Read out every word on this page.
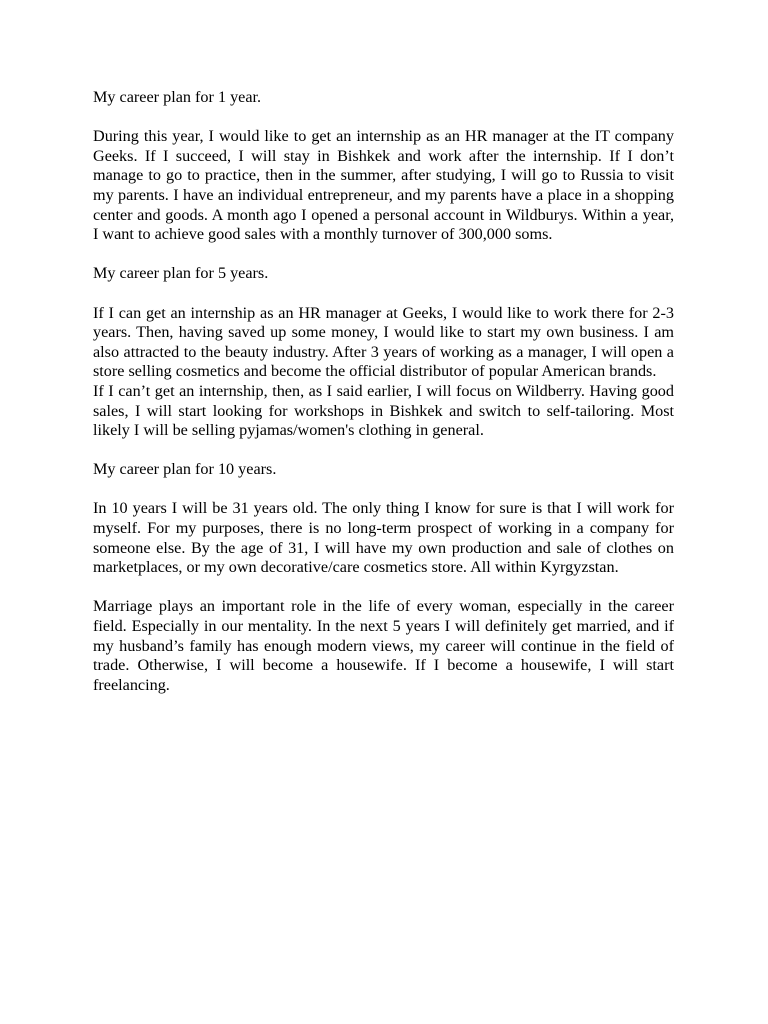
My career plan for 1 year.

During this year, I would like to get an internship as an HR manager at the IT company Geeks. If I succeed, I will stay in Bishkek and work after the internship. If I don’t manage to go to practice, then in the summer, after studying, I will go to Russia to visit my parents. I have an individual entrepreneur, and my parents have a place in a shopping center and goods. A month ago I opened a personal account in Wildburys. Within a year, I want to achieve good sales with a monthly turnover of 300,000 soms.

My career plan for 5 years.

If I can get an internship as an HR manager at Geeks, I would like to work there for 2-3 years. Then, having saved up some money, I would like to start my own business. I am also attracted to the beauty industry. After 3 years of working as a manager, I will open a store selling cosmetics and become the official distributor of popular American brands.

If I can’t get an internship, then, as I said earlier, I will focus on Wildberry. Having good sales, I will start looking for workshops in Bishkek and switch to self-tailoring. Most likely I will be selling pyjamas/women's clothing in general.

My career plan for 10 years.

In 10 years I will be 31 years old. The only thing I know for sure is that I will work for myself. For my purposes, there is no long-term prospect of working in a company for someone else. By the age of 31, I will have my own production and sale of clothes on marketplaces, or my own decorative/care cosmetics store. All within Kyrgyzstan.

Marriage plays an important role in the life of every woman, especially in the career field. Especially in our mentality. In the next 5 years I will definitely get married, and if my husband’s family has enough modern views, my career will continue in the field of trade. Otherwise, I will become a housewife. If I become a housewife, I will start freelancing.
